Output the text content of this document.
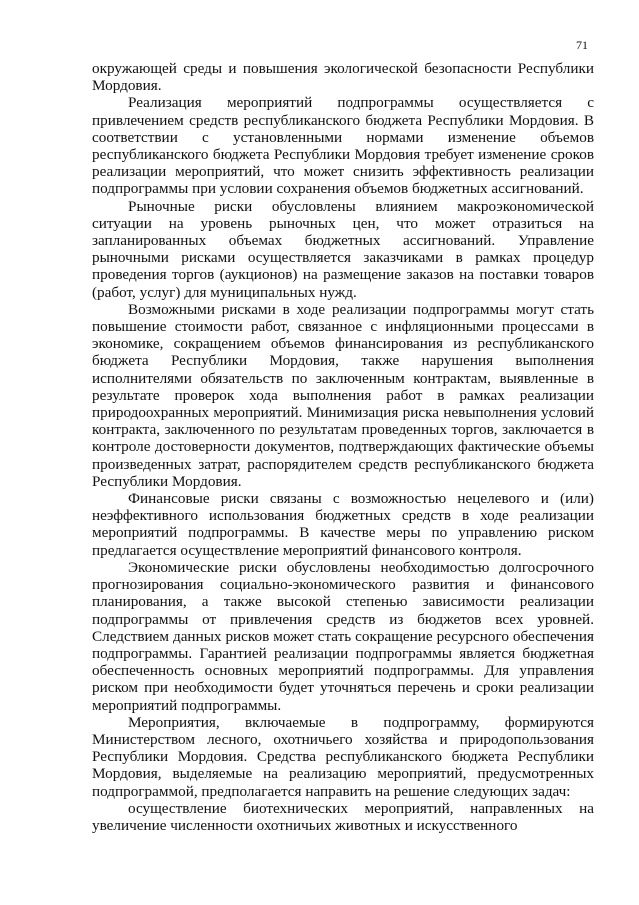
71

окружающей среды и повышения экологической безопасности Республики Мордовия.

Реализация мероприятий подпрограммы осуществляется с привлечением средств республиканского бюджета Республики Мордовия. В соответствии с установленными нормами изменение объемов республиканского бюджета Республики Мордовия требует изменение сроков реализации мероприятий, что может снизить эффективность реализации подпрограммы при условии сохранения объемов бюджетных ассигнований.

Рыночные риски обусловлены влиянием макроэкономической ситуации на уровень рыночных цен, что может отразиться на запланированных объемах бюджетных ассигнований. Управление рыночными рисками осуществляется заказчиками в рамках процедур проведения торгов (аукционов) на размещение заказов на поставки товаров (работ, услуг) для муниципальных нужд.

Возможными рисками в ходе реализации подпрограммы могут стать повышение стоимости работ, связанное с инфляционными процессами в экономике, сокращением объемов финансирования из республиканского бюджета Республики Мордовия, также нарушения выполнения исполнителями обязательств по заключенным контрактам, выявленные в результате проверок хода выполнения работ в рамках реализации природоохранных мероприятий. Минимизация риска невыполнения условий контракта, заключенного по результатам проведенных торгов, заключается в контроле достоверности документов, подтверждающих фактические объемы произведенных затрат, распорядителем средств республиканского бюджета Республики Мордовия.

Финансовые риски связаны с возможностью нецелевого и (или) неэффективного использования бюджетных средств в ходе реализации мероприятий подпрограммы. В качестве меры по управлению риском предлагается осуществление мероприятий финансового контроля.

Экономические риски обусловлены необходимостью долгосрочного прогнозирования социально-экономического развития и финансового планирования, а также высокой степенью зависимости реализации подпрограммы от привлечения средств из бюджетов всех уровней. Следствием данных рисков может стать сокращение ресурсного обеспечения подпрограммы. Гарантией реализации подпрограммы является бюджетная обеспеченность основных мероприятий подпрограммы. Для управления риском при необходимости будет уточняться перечень и сроки реализации мероприятий подпрограммы.

Мероприятия, включаемые в подпрограмму, формируются Министерством лесного, охотничьего хозяйства и природопользования Республики Мордовия. Средства республиканского бюджета Республики Мордовия, выделяемые на реализацию мероприятий, предусмотренных подпрограммой, предполагается направить на решение следующих задач:

осуществление биотехнических мероприятий, направленных на увеличение численности охотничьих животных и искусственного
